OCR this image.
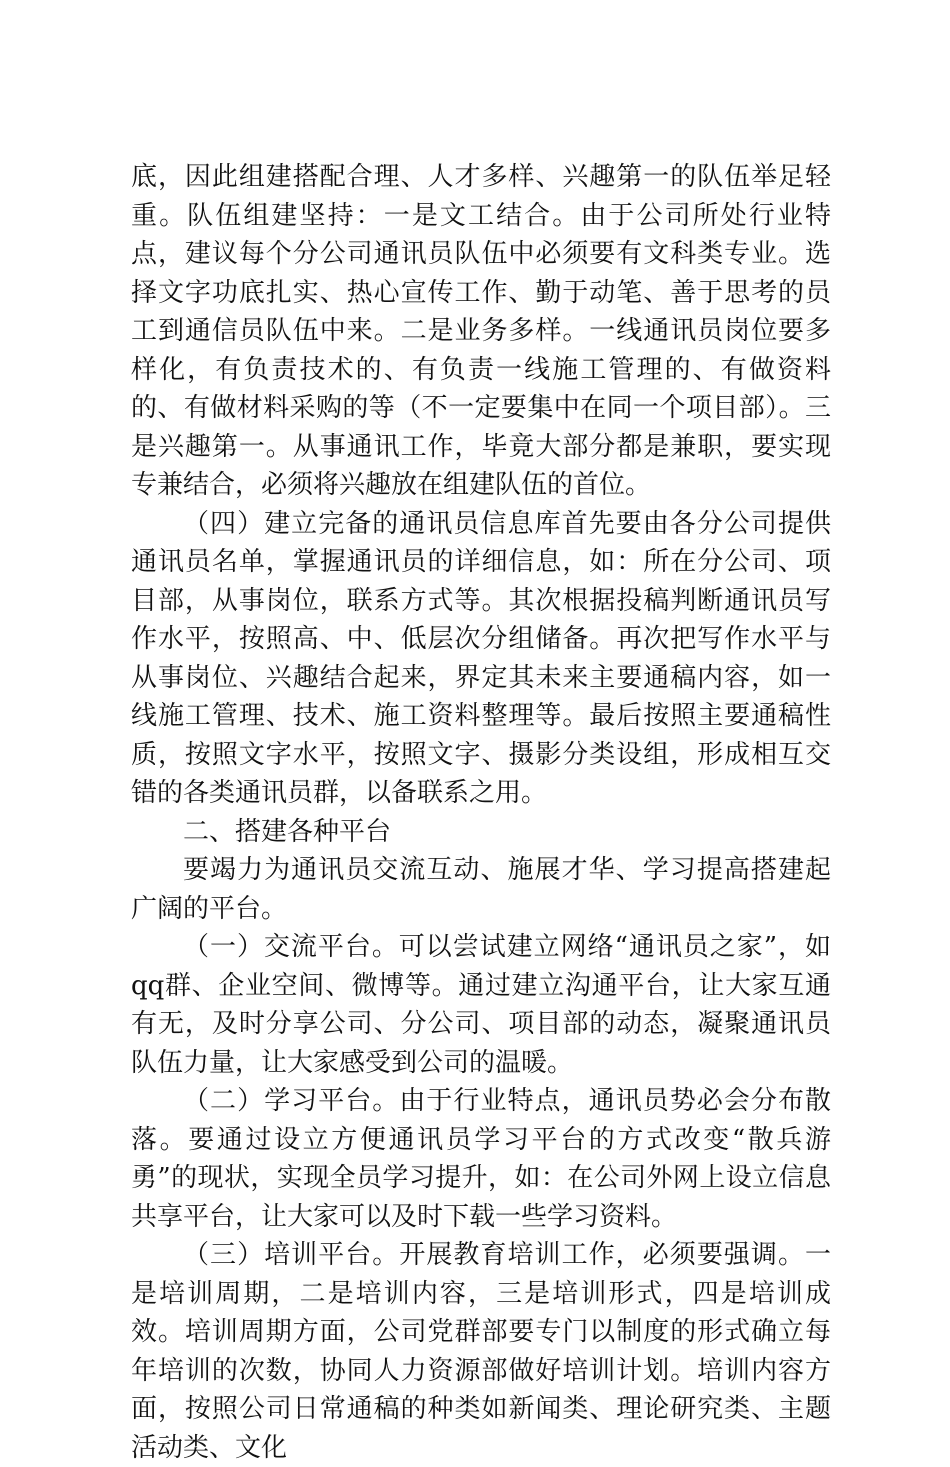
底，因此组建搭配合理、人才多样、兴趣第一的队伍举足轻重。队伍组建坚持：一是文工结合。由于公司所处行业特点，建议每个分公司通讯员队伍中必须要有文科类专业。选择文字功底扎实、热心宣传工作、勤于动笔、善于思考的员工到通信员队伍中来。二是业务多样。一线通讯员岗位要多样化，有负责技术的、有负责一线施工管理的、有做资料的、有做材料采购的等（不一定要集中在同一个项目部）。三是兴趣第一。从事通讯工作，毕竟大部分都是兼职，要实现专兼结合，必须将兴趣放在组建队伍的首位。

（四）建立完备的通讯员信息库首先要由各分公司提供通讯员名单，掌握通讯员的详细信息，如：所在分公司、项目部，从事岗位，联系方式等。其次根据投稿判断通讯员写作水平，按照高、中、低层次分组储备。再次把写作水平与从事岗位、兴趣结合起来，界定其未来主要通稿内容，如一线施工管理、技术、施工资料整理等。最后按照主要通稿性质，按照文字水平，按照文字、摄影分类设组，形成相互交错的各类通讯员群，以备联系之用。

二、搭建各种平台

要竭力为通讯员交流互动、施展才华、学习提高搭建起广阔的平台。

（一）交流平台。可以尝试建立网络“通讯员之家”，如qq群、企业空间、微博等。通过建立沟通平台，让大家互通有无，及时分享公司、分公司、项目部的动态，凝聚通讯员队伍力量，让大家感受到公司的温暖。

（二）学习平台。由于行业特点，通讯员势必会分布散落。要通过设立方便通讯员学习平台的方式改变“散兵游勇”的现状，实现全员学习提升，如：在公司外网上设立信息共享平台，让大家可以及时下载一些学习资料。

（三）培训平台。开展教育培训工作，必须要强调。一是培训周期，二是培训内容，三是培训形式，四是培训成效。培训周期方面，公司党群部要专门以制度的形式确立每年培训的次数，协同人力资源部做好培训计划。培训内容方面，按照公司日常通稿的种类如新闻类、理论研究类、主题活动类、文化
